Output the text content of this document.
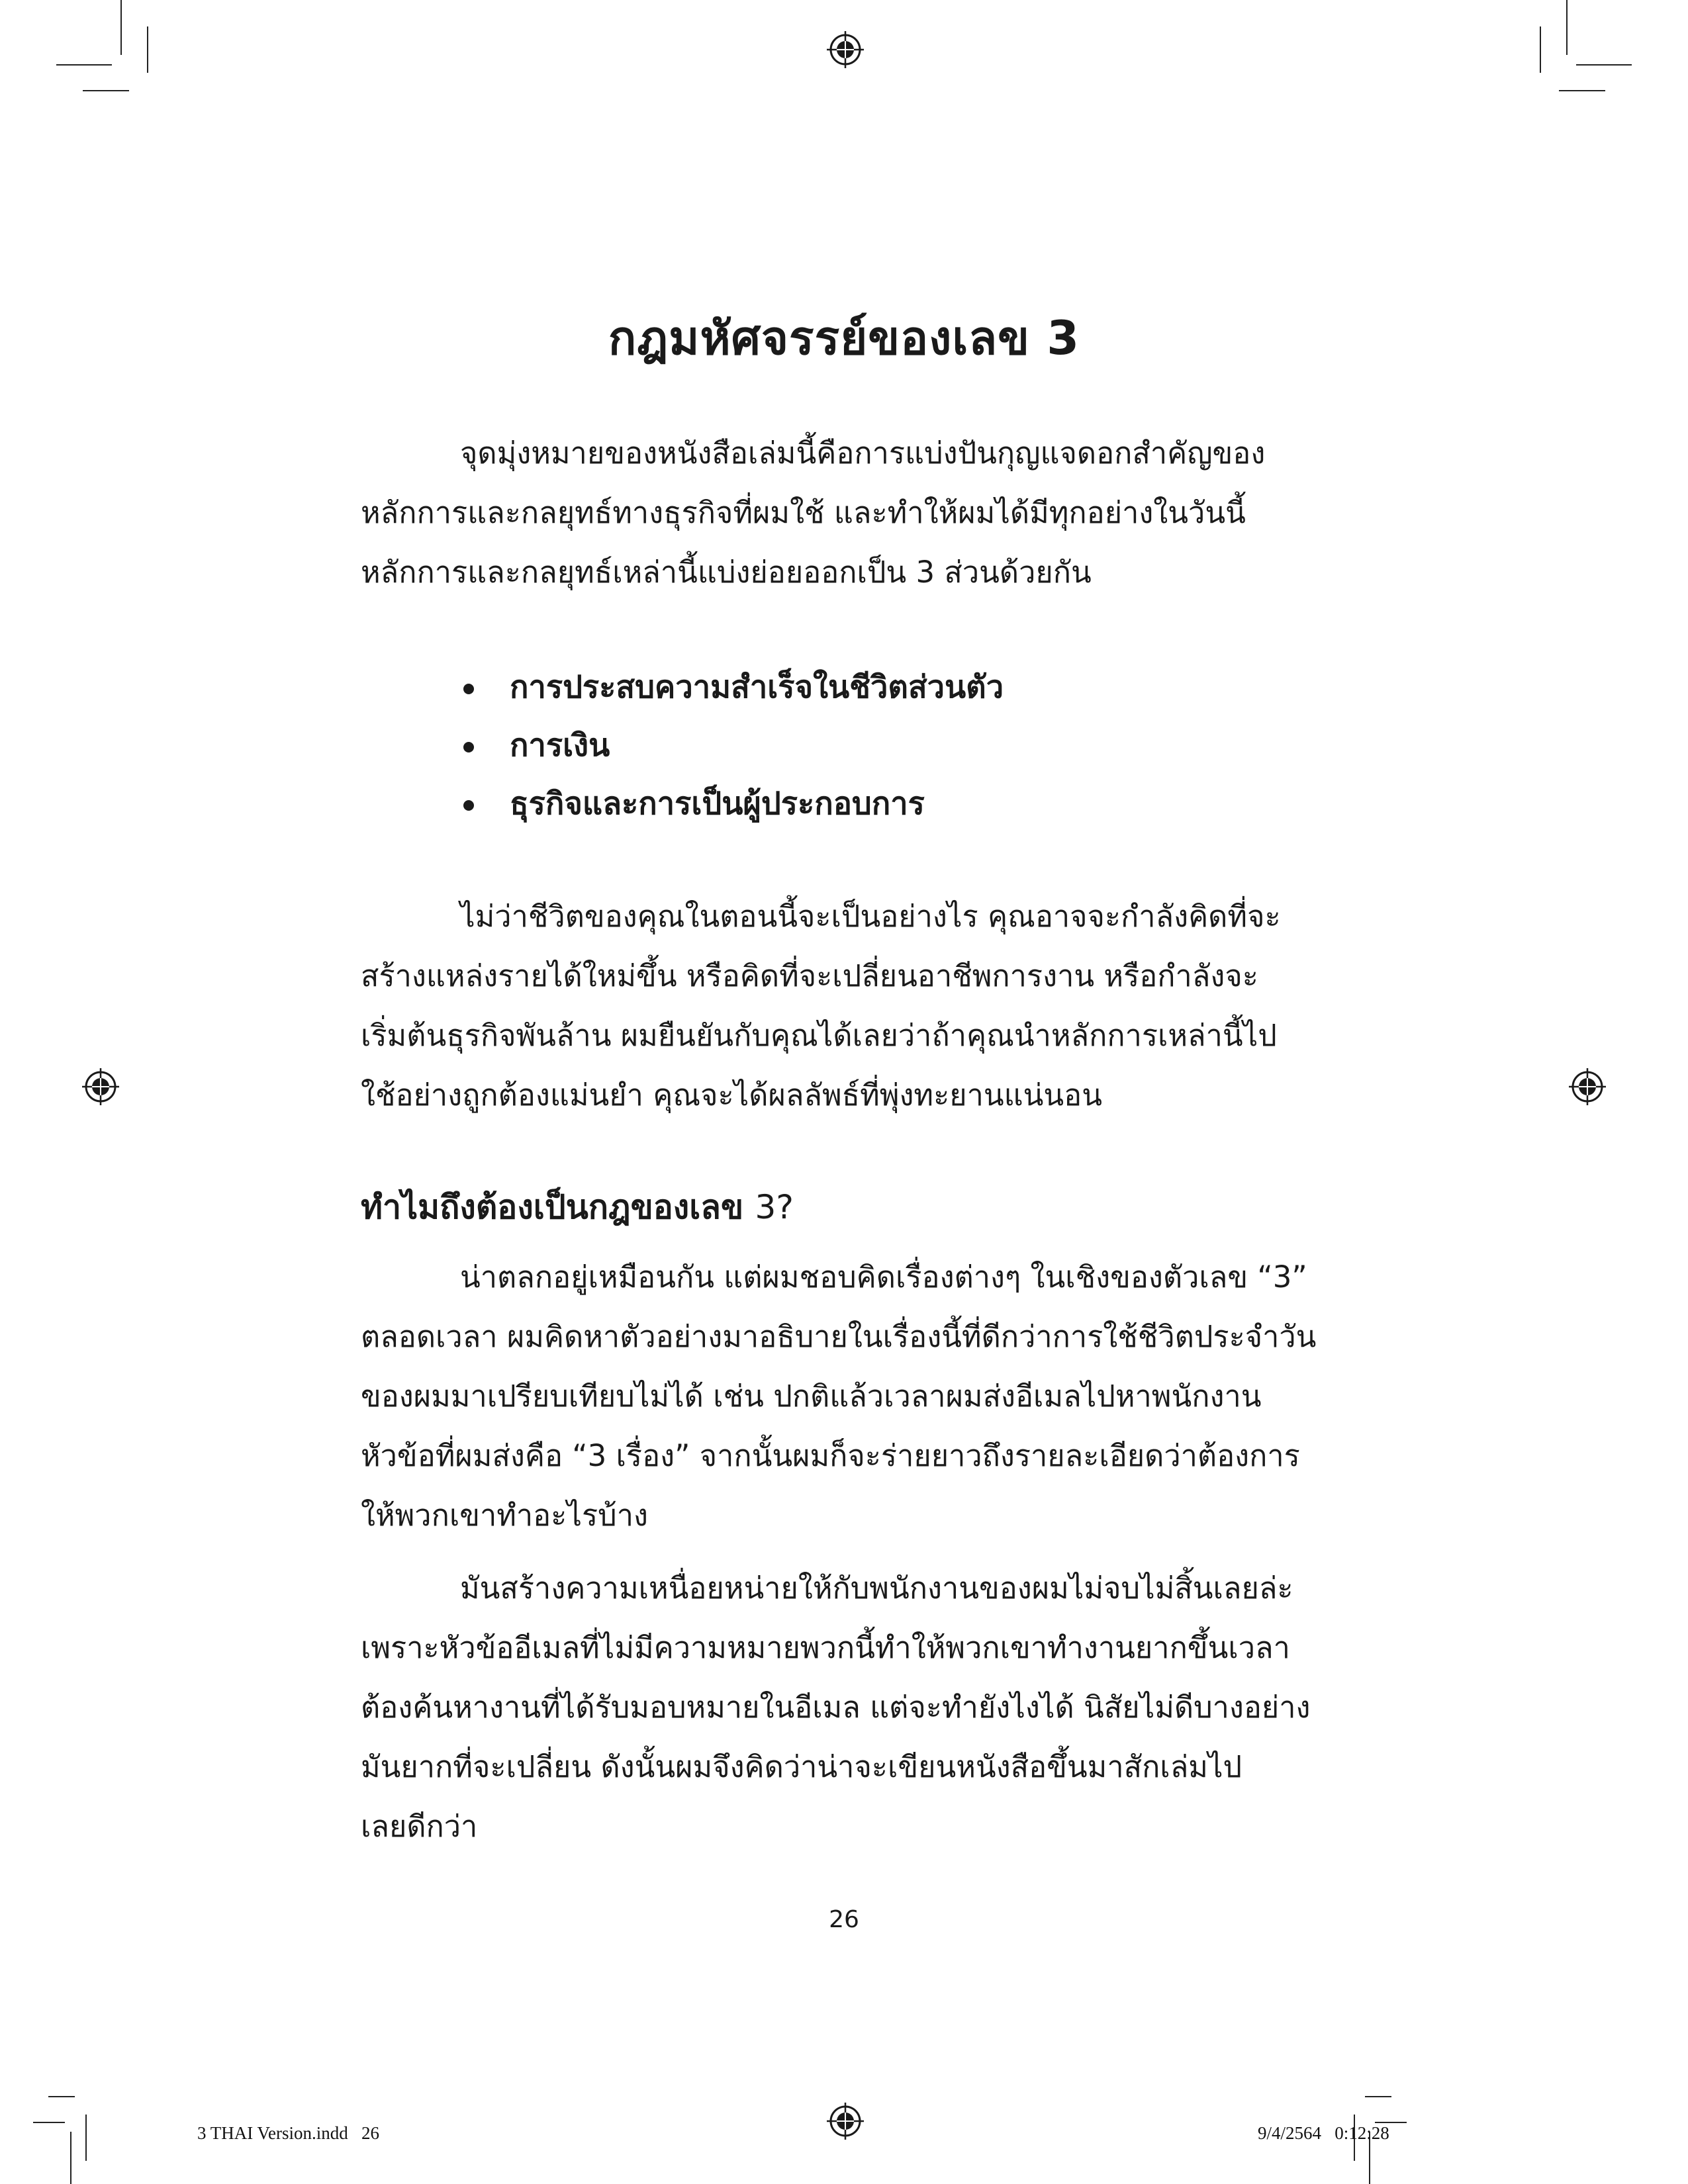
กฎมหัศจรรย์ของเลข 3

จุดมุ่งหมายของหนังสือเล่มนี้คือการแบ่งปันกุญแจดอกสำคัญของ

หลักการและกลยุทธ์ทางธุรกิจที่ผมใช้ และทำให้ผมได้มีทุกอย่างในวันนี้

หลักการและกลยุทธ์เหล่านี้แบ่งย่อยออกเป็น 3 ส่วนด้วยกัน

การประสบความสำเร็จในชีวิตส่วนตัว
การเงิน
ธุรกิจและการเป็นผู้ประกอบการ

ไม่ว่าชีวิตของคุณในตอนนี้จะเป็นอย่างไร คุณอาจจะกำลังคิดที่จะ

สร้างแหล่งรายได้ใหม่ขึ้น หรือคิดที่จะเปลี่ยนอาชีพการงาน หรือกำลังจะ

เริ่มต้นธุรกิจพันล้าน ผมยืนยันกับคุณได้เลยว่าถ้าคุณนำหลักการเหล่านี้ไป

ใช้อย่างถูกต้องแม่นยำ คุณจะได้ผลลัพธ์ที่พุ่งทะยานแน่นอน

ทำไมถึงต้องเป็นกฎของเลข 3?

น่าตลกอยู่เหมือนกัน แต่ผมชอบคิดเรื่องต่างๆ ในเชิงของตัวเลข “3”

ตลอดเวลา ผมคิดหาตัวอย่างมาอธิบายในเรื่องนี้ที่ดีกว่าการใช้ชีวิตประจำวัน

ของผมมาเปรียบเทียบไม่ได้ เช่น ปกติแล้วเวลาผมส่งอีเมลไปหาพนักงาน

หัวข้อที่ผมส่งคือ “3 เรื่อง” จากนั้นผมก็จะร่ายยาวถึงรายละเอียดว่าต้องการ

ให้พวกเขาทำอะไรบ้าง

มันสร้างความเหนื่อยหน่ายให้กับพนักงานของผมไม่จบไม่สิ้นเลยล่ะ

เพราะหัวข้ออีเมลที่ไม่มีความหมายพวกนี้ทำให้พวกเขาทำงานยากขึ้นเวลา

ต้องค้นหางานที่ได้รับมอบหมายในอีเมล แต่จะทำยังไงได้ นิสัยไม่ดีบางอย่าง

มันยากที่จะเปลี่ยน ดังนั้นผมจึงคิดว่าน่าจะเขียนหนังสือขึ้นมาสักเล่มไป

เลยดีกว่า

26
3 THAI Version.indd   26	9/4/2564   0:12:28
